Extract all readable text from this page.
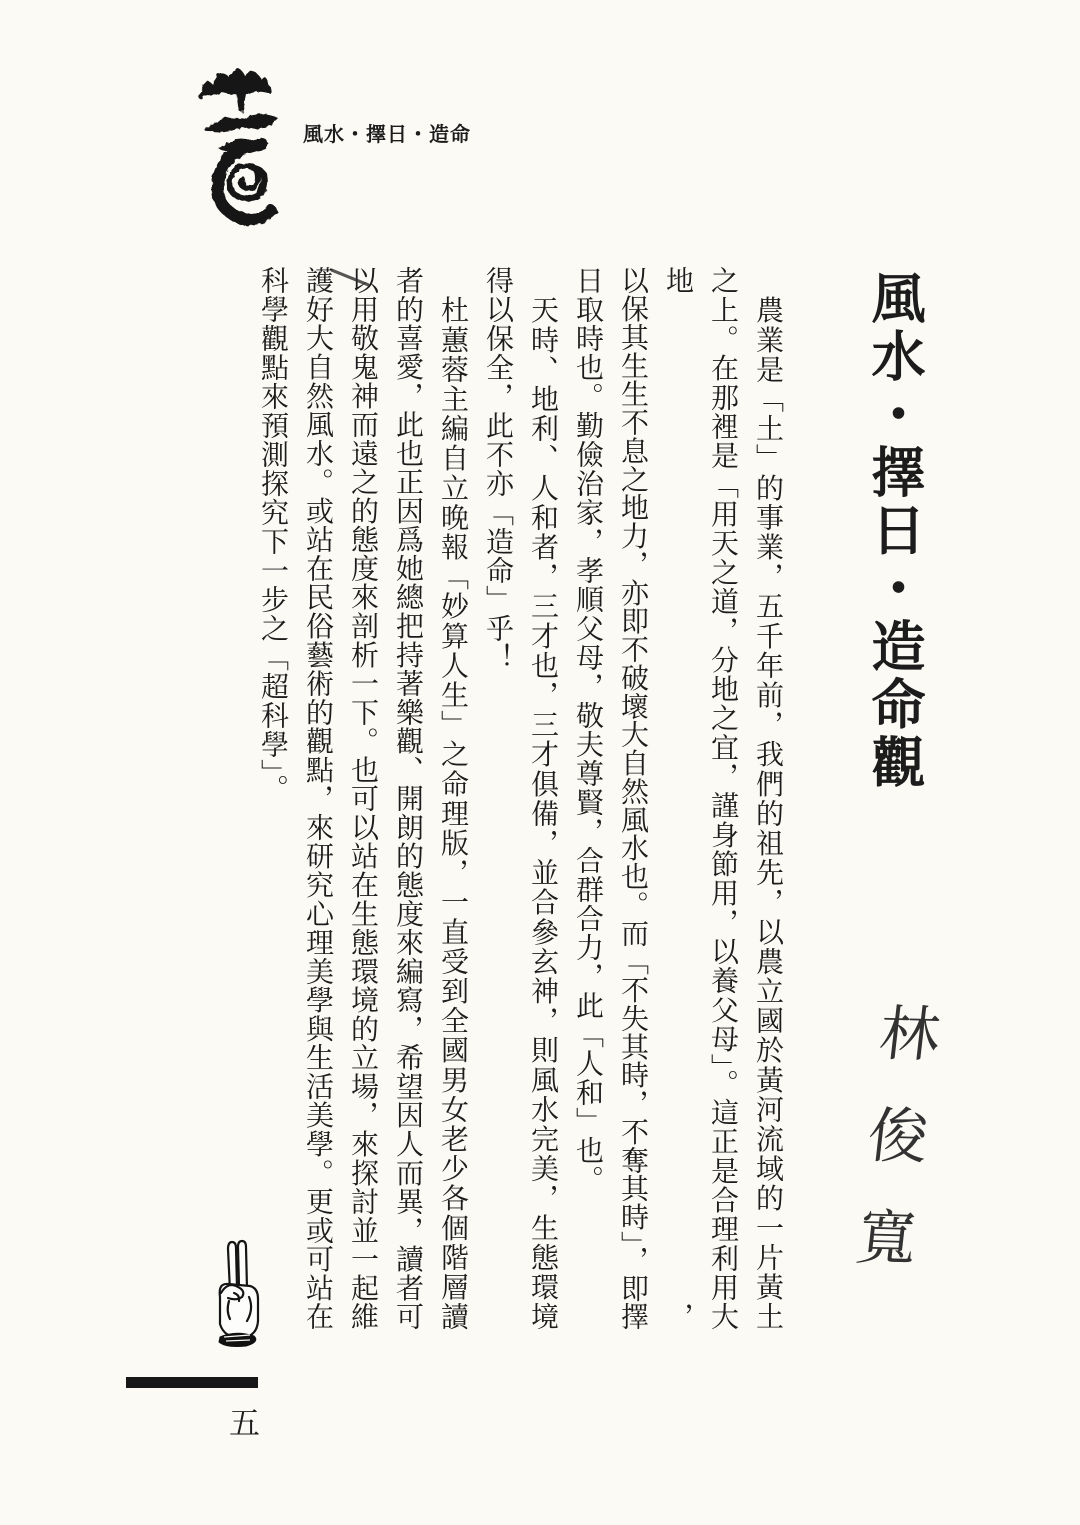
風水・擇日・造命
風水・擇日・造命觀
林俊寬
　農業是「土」的事業，五千年前，我們的祖先，以農立國於黃河流域的一片黃土
之上。在那裡是「用天之道，分地之宜，謹身節用，以養父母」。這正是合理利用大地，
以保其生生不息之地力，亦即不破壞大自然風水也。而「不失其時，不奪其時」，即擇
日取時也。勤儉治家，孝順父母，敬夫尊賢，合群合力，此「人和」也。
　天時、地利、人和者，三才也，三才俱備，並合參玄神，則風水完美，生態環境
得以保全，此不亦「造命」乎！
　杜蕙蓉主編自立晚報「妙算人生」之命理版，一直受到全國男女老少各個階層讀
者的喜愛，此也正因爲她總把持著樂觀、開朗的態度來編寫，希望因人而異，讀者可
以用敬鬼神而遠之的態度來剖析一下。也可以站在生態環境的立場，來探討並一起維
護好大自然風水。或站在民俗藝術的觀點，來研究心理美學與生活美學。更或可站在
科學觀點來預測探究下一步之「超科學」。
五
